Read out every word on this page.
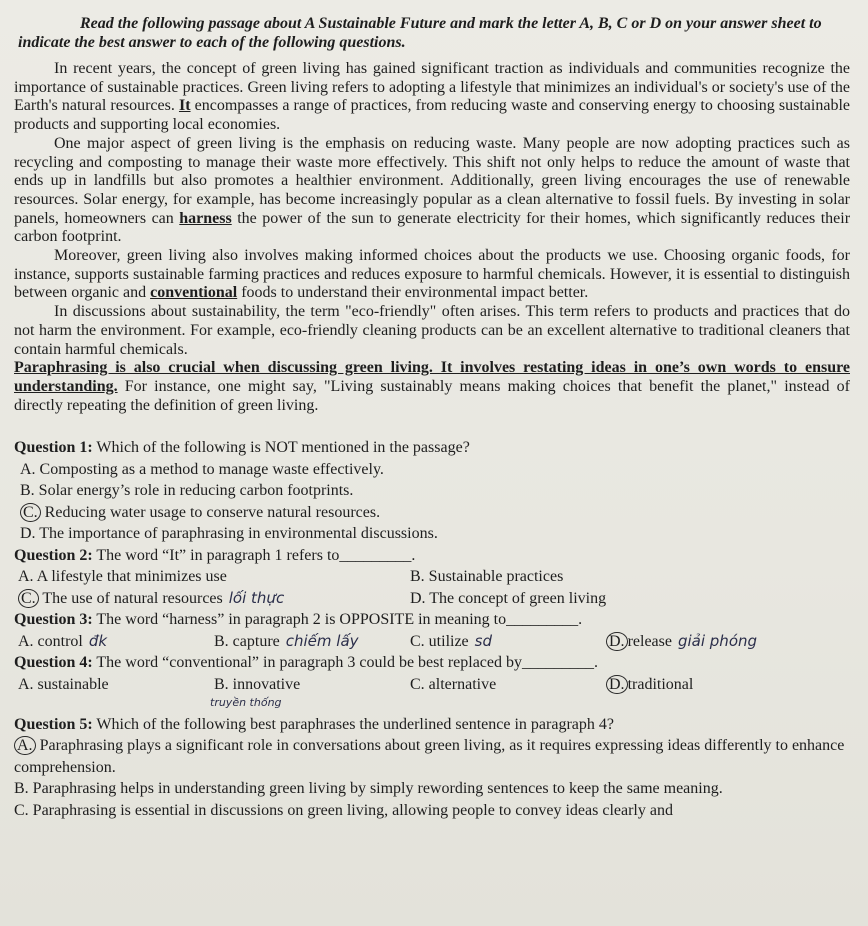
Read the following passage about A Sustainable Future and mark the letter A, B, C or D on your answer sheet to indicate the best answer to each of the following questions.

In recent years, the concept of green living has gained significant traction as individuals and communities recognize the importance of sustainable practices. Green living refers to adopting a lifestyle that minimizes an individual's or society's use of the Earth's natural resources. It encompasses a range of practices, from reducing waste and conserving energy to choosing sustainable products and supporting local economies.

One major aspect of green living is the emphasis on reducing waste. Many people are now adopting practices such as recycling and composting to manage their waste more effectively. This shift not only helps to reduce the amount of waste that ends up in landfills but also promotes a healthier environment. Additionally, green living encourages the use of renewable resources. Solar energy, for example, has become increasingly popular as a clean alternative to fossil fuels. By investing in solar panels, homeowners can harness the power of the sun to generate electricity for their homes, which significantly reduces their carbon footprint.

Moreover, green living also involves making informed choices about the products we use. Choosing organic foods, for instance, supports sustainable farming practices and reduces exposure to harmful chemicals. However, it is essential to distinguish between organic and conventional foods to understand their environmental impact better.

In discussions about sustainability, the term "eco-friendly" often arises. This term refers to products and practices that do not harm the environment. For example, eco-friendly cleaning products can be an excellent alternative to traditional cleaners that contain harmful chemicals.

Paraphrasing is also crucial when discussing green living. It involves restating ideas in one’s own words to ensure understanding. For instance, one might say, "Living sustainably means making choices that benefit the planet," instead of directly repeating the definition of green living.

Question 1: Which of the following is NOT mentioned in the passage?

A. Composting as a method to manage waste effectively.

B. Solar energy’s role in reducing carbon footprints.

C. Reducing water usage to conserve natural resources.

D. The importance of paraphrasing in environmental discussions.

Question 2: The word “It” in paragraph 1 refers to_________.

A. A lifestyle that minimizes use	B. Sustainable practices
C. The use of natural resources lối thực	D. The concept of green living

Question 3: The word “harness” in paragraph 2 is OPPOSITE in meaning to_________.

A. control đk	B. capture chiếm lấy	C. utilize sd	D. release giải phóng

Question 4: The word “conventional” in paragraph 3 could be best replaced by_________.

A. sustainable	B. innovative	C. alternative	D. traditional

truyền thống

Question 5: Which of the following best paraphrases the underlined sentence in paragraph 4?

A. Paraphrasing plays a significant role in conversations about green living, as it requires expressing ideas differently to enhance comprehension.

B. Paraphrasing helps in understanding green living by simply rewording sentences to keep the same meaning.

C. Paraphrasing is essential in discussions on green living, allowing people to convey ideas clearly and
